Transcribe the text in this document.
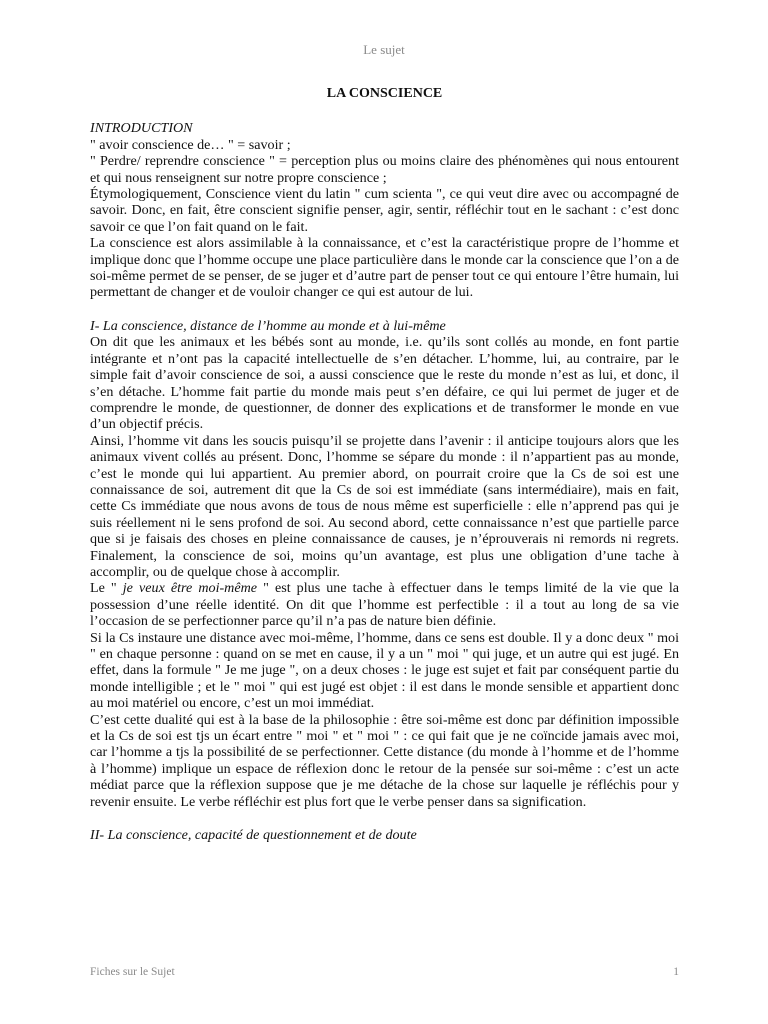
Le sujet

LA CONSCIENCE

INTRODUCTION

" avoir conscience de… " = savoir ;

" Perdre/ reprendre conscience " = perception plus ou moins claire des phénomènes qui nous entourent et qui nous renseignent sur notre propre conscience ;

Étymologiquement, Conscience vient du latin " cum scienta ", ce qui veut dire avec ou accompagné de savoir. Donc, en fait, être conscient signifie penser, agir, sentir, réfléchir tout en le sachant : c’est donc savoir ce que l’on fait quand on le fait.

La conscience est alors assimilable à la connaissance, et c’est la caractéristique propre de l’homme et implique donc que l’homme occupe une place particulière dans le monde car la conscience que l’on a de soi-même permet de se penser, de se juger et d’autre part de penser tout ce qui entoure l’être humain, lui permettant de changer et de vouloir changer ce qui est autour de lui.

I- La conscience, distance de l’homme au monde et à lui-même

On dit que les animaux et les bébés sont au monde, i.e. qu’ils sont collés au monde, en font partie intégrante et n’ont pas la capacité intellectuelle de s’en détacher. L’homme, lui, au contraire, par le simple fait d’avoir conscience de soi, a aussi conscience que le reste du monde n’est as lui, et donc, il s’en détache. L’homme fait partie du monde mais peut s’en défaire, ce qui lui permet de juger et de comprendre le monde, de questionner, de donner des explications et de transformer le monde en vue d’un objectif précis.

Ainsi, l’homme vit dans les soucis puisqu’il se projette dans l’avenir : il anticipe toujours alors que les animaux vivent collés au présent. Donc, l’homme se sépare du monde : il n’appartient pas au monde, c’est le monde qui lui appartient. Au premier abord, on pourrait croire que la Cs de soi est une connaissance de soi, autrement dit que la Cs de soi est immédiate (sans intermédiaire), mais en fait, cette Cs immédiate que nous avons de tous de nous même est superficielle : elle n’apprend pas qui je suis réellement ni le sens profond de soi. Au second abord, cette connaissance n’est que partielle parce que si je faisais des choses en pleine connaissance de causes, je n’éprouverais ni remords ni regrets. Finalement, la conscience de soi, moins qu’un avantage, est plus une obligation d’une tache à accomplir, ou de quelque chose à accomplir.

Le " je veux être moi-même " est plus une tache à effectuer dans le temps limité de la vie que la possession d’une réelle identité. On dit que l’homme est perfectible : il a tout au long de sa vie l’occasion de se perfectionner parce qu’il n’a pas de nature bien définie.

Si la Cs instaure une distance avec moi-même, l’homme, dans ce sens est double. Il y a donc deux " moi " en chaque personne : quand on se met en cause, il y a un " moi " qui juge, et un autre qui est jugé. En effet, dans la formule " Je me juge ", on a deux choses : le juge est sujet et fait par conséquent partie du monde intelligible ; et le " moi " qui est jugé est objet : il est dans le monde sensible et appartient donc au moi matériel ou encore, c’est un moi immédiat.

C’est cette dualité qui est à la base de la philosophie : être soi-même est donc par définition impossible et la Cs de soi est tjs un écart entre " moi " et " moi " : ce qui fait que je ne coïncide jamais avec moi, car l’homme a tjs la possibilité de se perfectionner. Cette distance (du monde à l’homme et de l’homme à l’homme) implique un espace de réflexion donc le retour de la pensée sur soi-même : c’est un acte médiat parce que la réflexion suppose que je me détache de la chose sur laquelle je réfléchis pour y revenir ensuite. Le verbe réfléchir est plus fort que le verbe penser dans sa signification.

II- La conscience, capacité de questionnement et de doute

Fiches sur le Sujet	1
